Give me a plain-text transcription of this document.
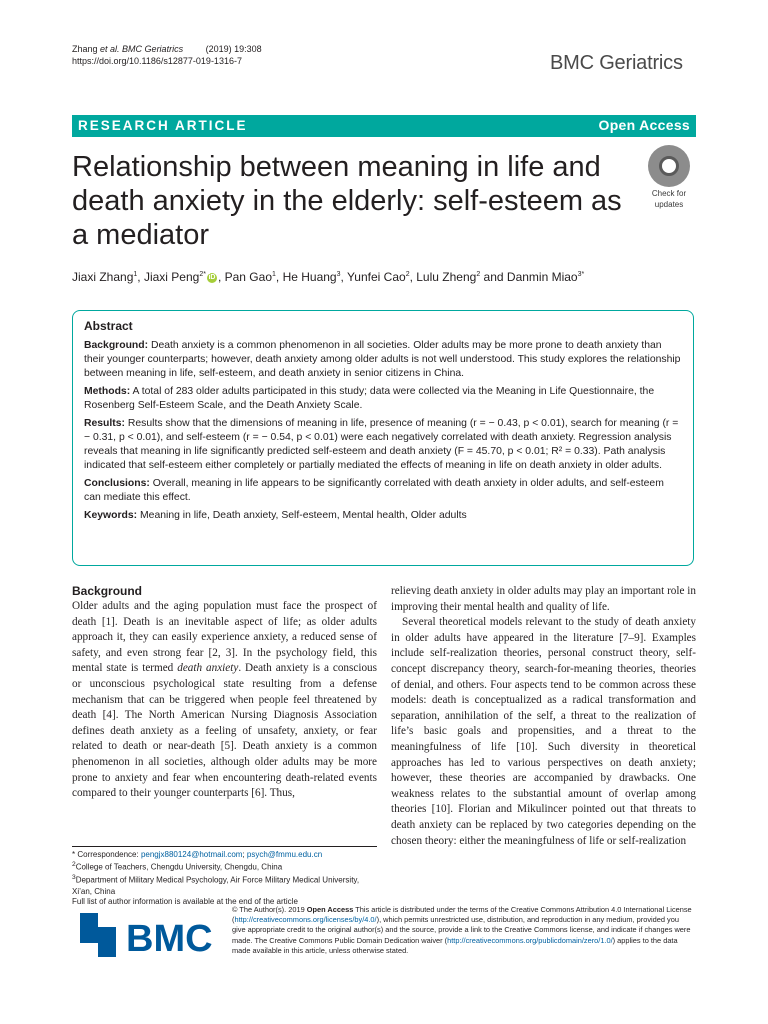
Zhang et al. BMC Geriatrics	(2019) 19:308
https://doi.org/10.1186/s12877-019-1316-7	BMC Geriatrics
RESEARCH ARTICLE	Open Access
Relationship between meaning in life and
death anxiety in the elderly: self-esteem as
a mediator
Check for
updates
Jiaxi Zhang$^1$, Jiaxi Peng$^{2*}$ iD , Pan Gao$^1$, He Huang$^3$, Yunfei Cao$^2$, Lulu Zheng$^2$ and Danmin Miao$^{3*}$
Abstract

Background: Death anxiety is a common phenomenon in all societies. Older adults may be more prone to death anxiety than their younger counterparts; however, death anxiety among older adults is not well understood. This study explores the relationship between meaning in life, self-esteem, and death anxiety in senior citizens in China.

Methods: A total of 283 older adults participated in this study; data were collected via the Meaning in Life Questionnaire, the Rosenberg Self-Esteem Scale, and the Death Anxiety Scale.

Results: Results show that the dimensions of meaning in life, presence of meaning (r = − 0.43, p < 0.01), search for meaning (r = − 0.31, p < 0.01), and self-esteem (r = − 0.54, p < 0.01) were each negatively correlated with death anxiety. Regression analysis reveals that meaning in life significantly predicted self-esteem and death anxiety (F = 45.70, p < 0.01; R² = 0.33). Path analysis indicated that self-esteem either completely or partially mediated the effects of meaning in life on death anxiety in older adults.

Conclusions: Overall, meaning in life appears to be significantly correlated with death anxiety in older adults, and self-esteem can mediate this effect.

Keywords: Meaning in life, Death anxiety, Self-esteem, Mental health, Older adults

Background

Older adults and the aging population must face the prospect of death [1]. Death is an inevitable aspect of life; as older adults approach it, they can easily experience anxiety, a reduced sense of safety, and even strong fear [2, 3]. In the psychology field, this mental state is termed death anxiety. Death anxiety is a conscious or unconscious psychological state resulting from a defense mechanism that can be triggered when people feel threatened by death [4]. The North American Nursing Diagnosis Association defines death anxiety as a feeling of unsafety, anxiety, or fear related to death or near-death [5]. Death anxiety is a common phenomenon in all societies, although older adults may be more prone to anxiety and fear when encountering death-related events compared to their younger counterparts [6]. Thus,

relieving death anxiety in older adults may play an important role in improving their mental health and quality of life.

Several theoretical models relevant to the study of death anxiety in older adults have appeared in the literature [7–9]. Examples include self-realization theories, personal construct theory, self-concept discrepancy theory, search-for-meaning theories, theories of denial, and others. Four aspects tend to be common across these models: death is conceptualized as a radical transformation and separation, annihilation of the self, a threat to the realization of life’s basic goals and propensities, and a threat to the meaningfulness of life [10]. Such diversity in theoretical approaches has led to various perspectives on death anxiety; however, these theories are accompanied by drawbacks. One weakness relates to the substantial amount of overlap among theories [10]. Florian and Mikulincer pointed out that threats to death anxiety can be replaced by two categories depending on the chosen theory: either the meaningfulness of life or self-realization

* Correspondence: pengjx880124@hotmail.com; psych@fmmu.edu.cn
$^2$College of Teachers, Chengdu University, Chengdu, China
$^3$Department of Military Medical Psychology, Air Force Military Medical University, Xi’an, China
Full list of author information is available at the end of the article
BMC
© The Author(s). 2019 Open Access This article is distributed under the terms of the Creative Commons Attribution 4.0 International License (http://creativecommons.org/licenses/by/4.0/), which permits unrestricted use, distribution, and reproduction in any medium, provided you give appropriate credit to the original author(s) and the source, provide a link to the Creative Commons license, and indicate if changes were made. The Creative Commons Public Domain Dedication waiver (http://creativecommons.org/publicdomain/zero/1.0/) applies to the data made available in this article, unless otherwise stated.
